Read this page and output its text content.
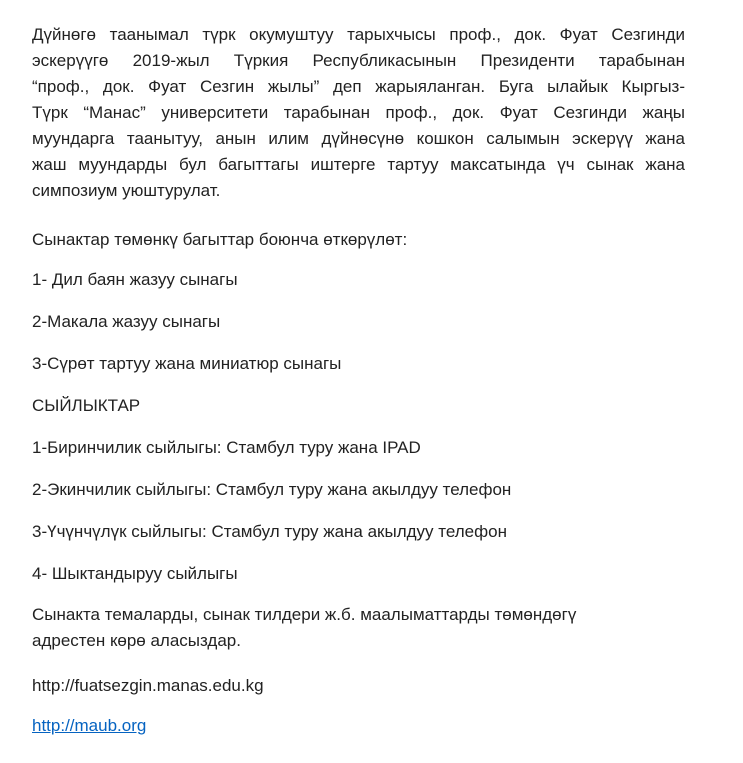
Дүйнөгө таанымал түрк окумуштуу тарыхчысы проф., док. Фуат Сезгинди
эскерүүгө 2019-жыл Түркия Республикасынын Президенти тарабынан
“проф., док. Фуат Сезгин жылы” деп жарыяланган. Буга ылайык Кыргыз-
Түрк “Манас” университети тарабынан проф., док. Фуат Сезгинди жаңы
муундарга таанытуу, анын илим дүйнөсүнө кошкон салымын эскерүү жана
жаш муундарды бул багыттагы иштерге тартуу максатында үч сынак жана
симпозиум уюштурулат.

Сынактар төмөнкү багыттар боюнча өткөрүлөт:

1- Дил баян жазуу сынагы

2-Макала жазуу сынагы

3-Сүрөт тартуу жана миниатюр сынагы

СЫЙЛЫКТАР

1-Биринчилик сыйлыгы: Стамбул туру жана IPAD

2-Экинчилик сыйлыгы: Стамбул туру жана акылдуу телефон

3-Үчүнчүлүк сыйлыгы: Стамбул туру жана акылдуу телефон

4- Шыктандыруу сыйлыгы

Сынакта темаларды, сынак тилдери ж.б. маалыматтарды төмөндөгү
адрестен көрө аласыздар.

http://fuatsezgin.manas.edu.kg

http://maub.org
